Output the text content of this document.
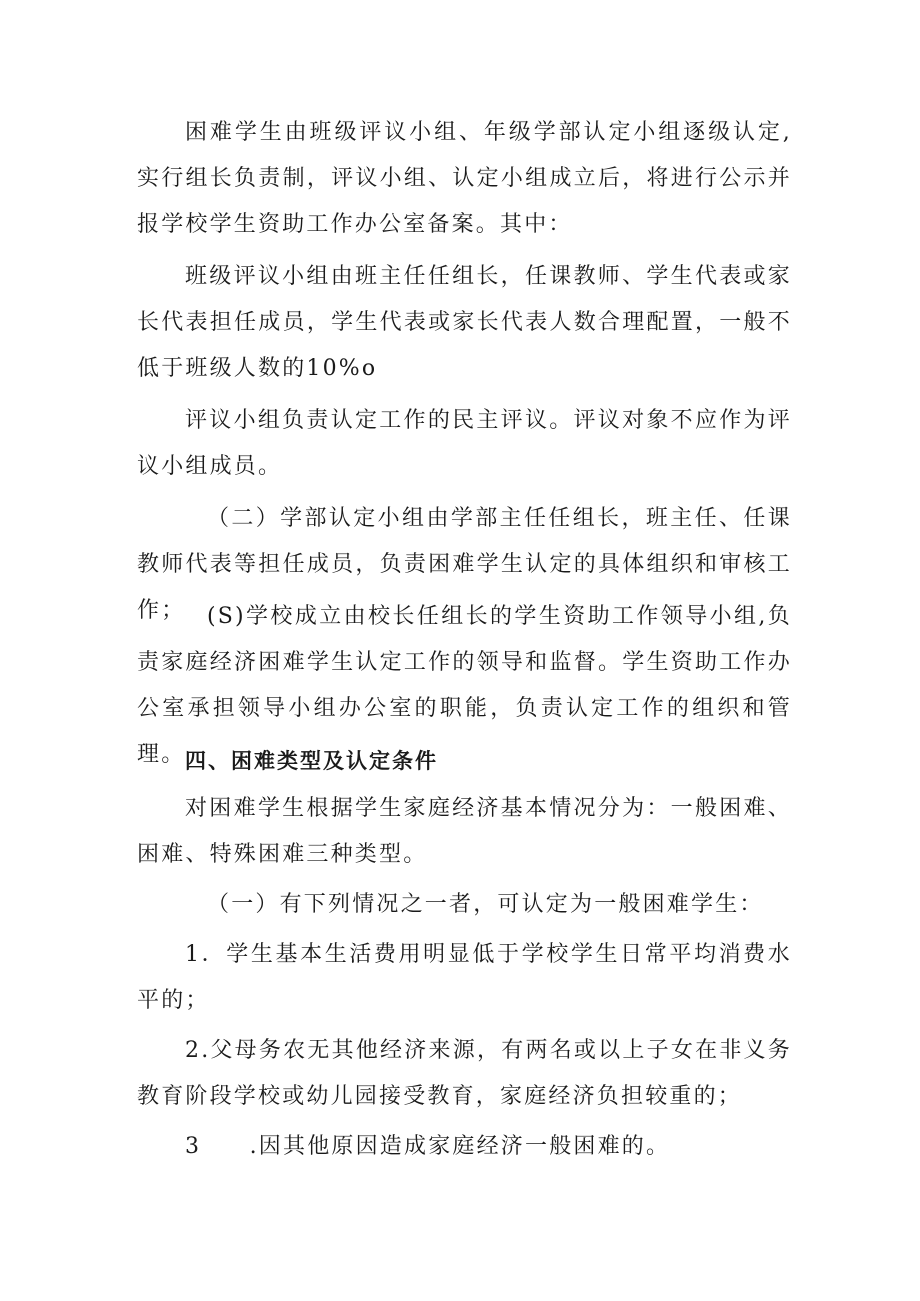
困难学生由班级评议小组、年级学部认定小组逐级认定,实行组长负责制，评议小组、认定小组成立后，将进行公示并报学校学生资助工作办公室备案。其中：

班级评议小组由班主任任组长，任课教师、学生代表或家长代表担任成员，学生代表或家长代表人数合理配置，一般不低于班级人数的10%o

评议小组负责认定工作的民主评议。评议对象不应作为评议小组成员。

（二）学部认定小组由学部主任任组长，班主任、任课教师代表等担任成员，负责困难学生认定的具体组织和审核工作； (S)学校成立由校长任组长的学生资助工作领导小组,负责家庭经济困难学生认定工作的领导和监督。学生资助工作办公室承担领导小组办公室的职能，负责认定工作的组织和管理。 四、困难类型及认定条件

对困难学生根据学生家庭经济基本情况分为：一般困难、困难、特殊困难三种类型。

（一）有下列情况之一者，可认定为一般困难学生：

1．学生基本生活费用明显低于学校学生日常平均消费水平的；

2.父母务农无其他经济来源，有两名或以上子女在非义务教育阶段学校或幼儿园接受教育，家庭经济负担较重的；

3　　.因其他原因造成家庭经济一般困难的。
